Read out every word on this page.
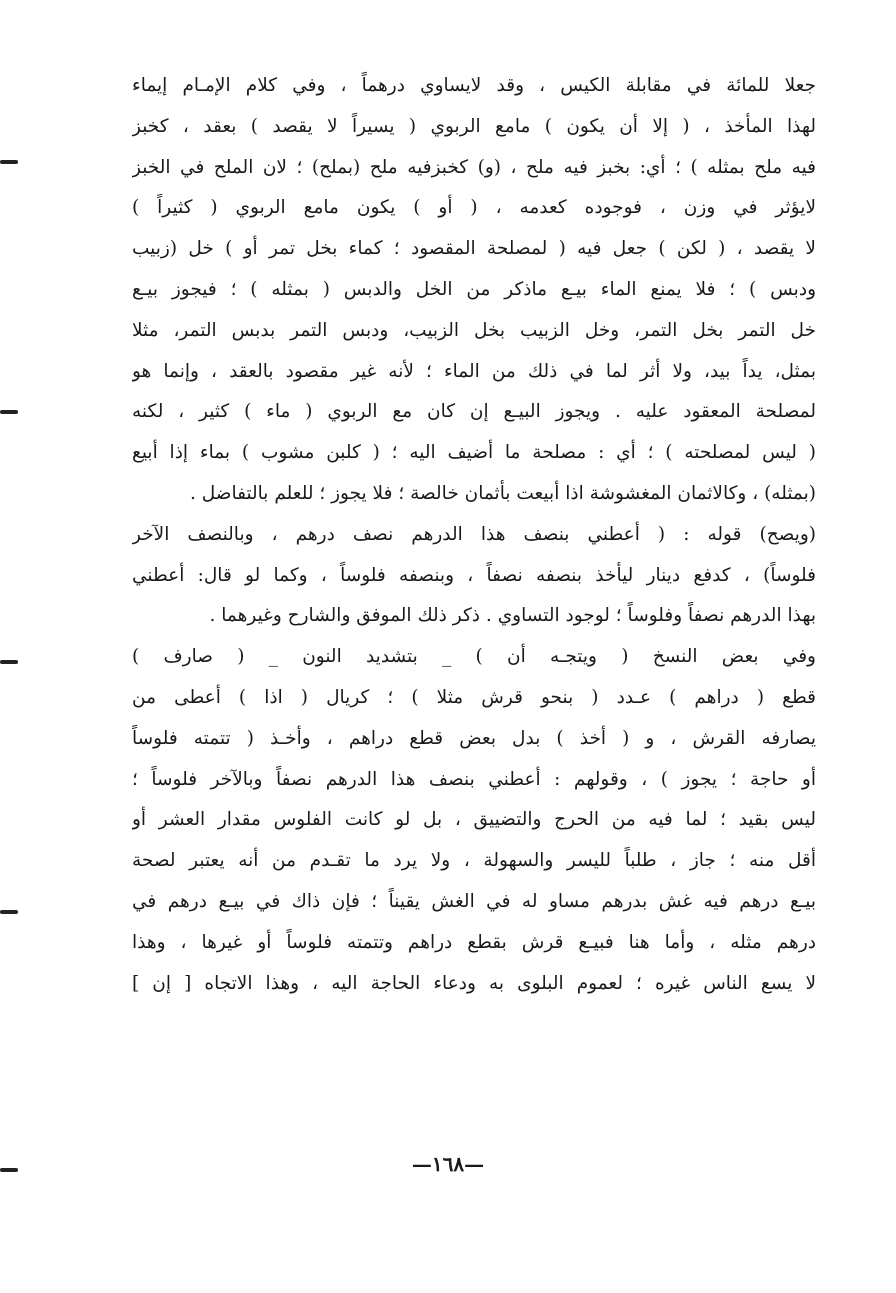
جعلا للمائة في مقابلة الكيس ، وقد لايساوي درهماً ، وفي كلام الإمـام إيماء
لهذا المأخذ ، ( إلا أن يكون ) مامع الربوي ( يسيراً لا يقصد ) بعقد ، كخبز
فيه ملح بمثله ) ؛ أي: بخبز فيه ملح ، (و) كخبزفيه ملح (بملح) ؛ لان الملح في الخبز
لايؤثر في وزن ، فوجوده كعدمه ، ( أو ) يكون مامع الربوي ( كثيراً )
لا يقصد ، ( لكن ) جعل فيه ( لمصلحة المقصود ؛ كماء بخل تمر أو ) خل (زبيب
ودبس ) ؛ فلا يمنع الماء بيـع ماذكر من الخل والدبس ( بمثله ) ؛ فيجوز بيـع
خل التمر بخل التمر، وخل الزبيب بخل الزبيب، ودبس التمر بدبس التمر، مثلا
بمثل، يداً بيد، ولا أثر لما في ذلك من الماء ؛ لأنه غير مقصود بالعقد ، وإنما هو
لمصلحة المعقود عليه . ويجوز البيـع إن كان مع الربوي ( ماء ) كثير ، لكنه
( ليس لمصلحته ) ؛ أي : مصلحة ما أضيف اليه ؛ ( كلبن مشوب ) بماء إذا أبيع
(بمثله) ، وكالاثمان المغشوشة اذا أبيعت بأثمان خالصة ؛ فلا يجوز ؛ للعلم بالتفاضل .
(ويصح) قوله : ( أعطني بنصف هذا الدرهم نصف درهم ، وبالنصف الآخر
فلوساً) ، كدفع دينار ليأخذ بنصفه نصفاً ، وبنصفه فلوساً ، وكما لو قال: أعطني
بهذا الدرهم نصفاً وفلوساً ؛ لوجود التساوي . ذكر ذلك الموفق والشارح وغيرهما .
وفي بعض النسخ ( ويتجـه أن ) _ بتشديد النون _ ( صارف )
قطع ( دراهم ) عـدد ( بنحو قرش مثلا ) ؛ كريال ( اذا ) أعطى من
يصارفه القرش ، و ( أخذ ) بدل بعض قطع دراهم ، وأخـذ ( تتمته فلوساً
أو حاجة ؛ يجوز ) ، وقولهم : أعطني بنصف هذا الدرهم نصفاً وبالآخر فلوساً ؛
ليس بقيد ؛ لما فيه من الحرج والتضييق ، بل لو كانت الفلوس مقدار العشر أو
أقل منه ؛ جاز ، طلباً لليسر والسهولة ، ولا يرد ما تقـدم من أنه يعتبر لصحة
بيـع درهم فيه غش بدرهم مساو له في الغش يقيناً ؛ فإن ذاك في بيـع درهم في
درهم مثله ، وأما هنا فبيـع قرش بقطع دراهم وتتمته فلوساً أو غيرها ، وهذا
لا يسع الناس غيره ؛ لعموم البلوى به ودعاء الحاجة اليه ، وهذا الاتجاه [ إن ]
—١٦٨—
